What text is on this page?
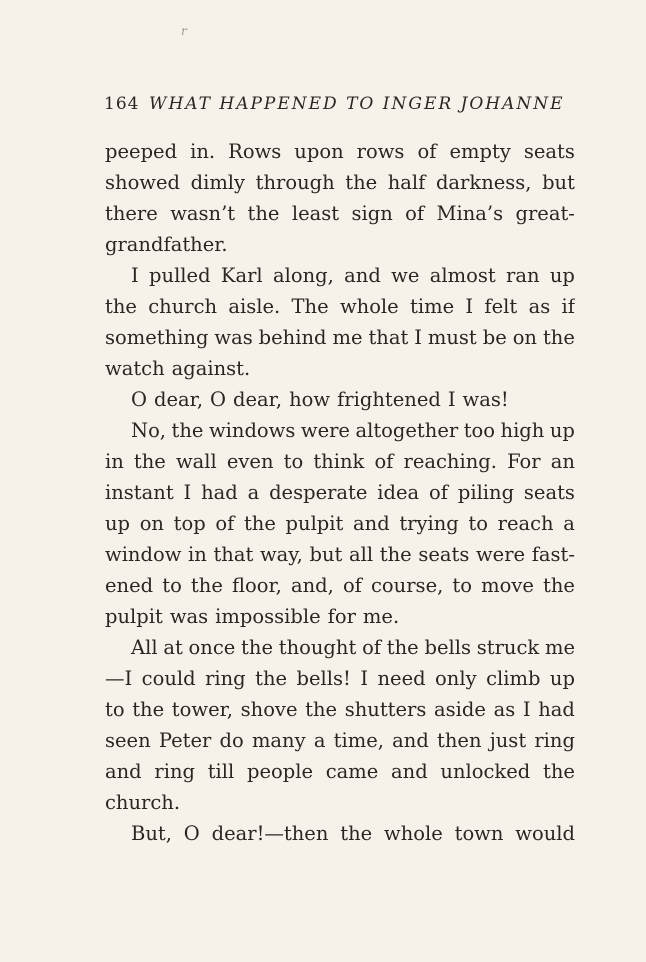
r
164 WHAT HAPPENED TO INGER JOHANNE
peeped in. Rows upon rows of empty seats
showed dimly through the half darkness, but
there wasn’t the least sign of Mina’s great-
grandfather.
I pulled Karl along, and we almost ran up
the church aisle. The whole time I felt as if
something was behind me that I must be on the
watch against.
O dear, O dear, how frightened I was!
No, the windows were altogether too high up
in the wall even to think of reaching. For an
instant I had a desperate idea of piling seats
up on top of the pulpit and trying to reach a
window in that way, but all the seats were fast-
ened to the floor, and, of course, to move the
pulpit was impossible for me.
All at once the thought of the bells struck me
—I could ring the bells! I need only climb up
to the tower, shove the shutters aside as I had
seen Peter do many a time, and then just ring
and ring till people came and unlocked the
church.
But, O dear!—then the whole town would
